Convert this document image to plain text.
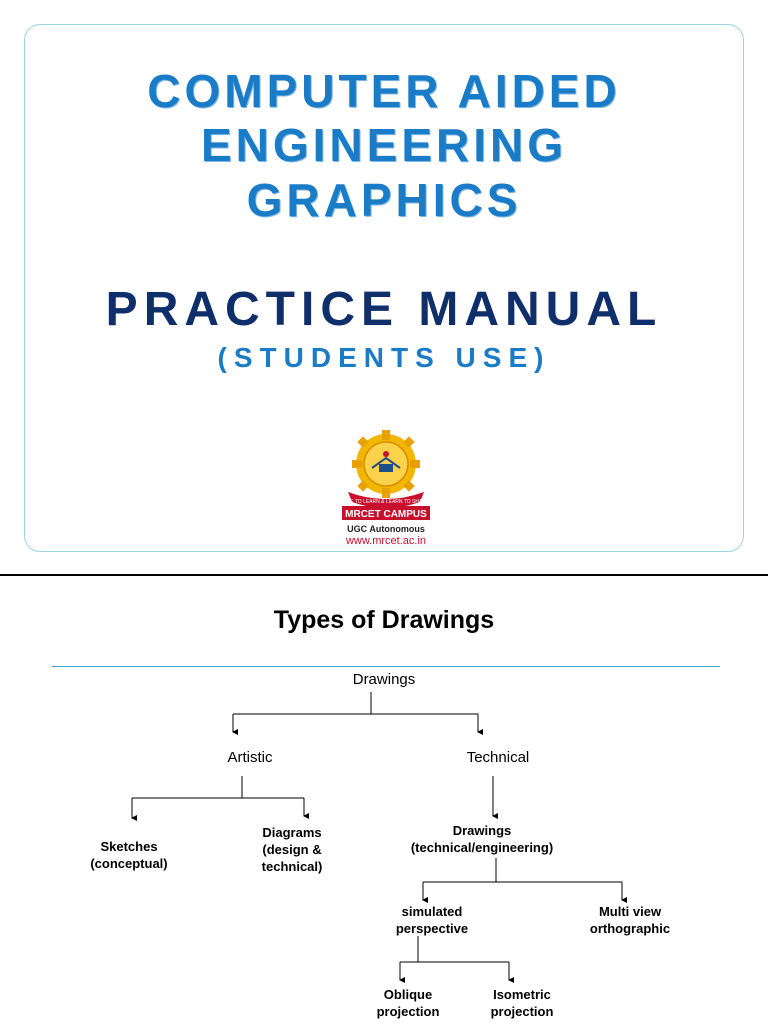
COMPUTER AIDED
ENGINEERING
GRAPHICS
PRACTICE MANUAL
(STUDENTS USE)
LIVE TO LEARN & LEARN TO SHARE
MRCET CAMPUS
UGC Autonomous
www.mrcet.ac.in
Types of Drawings
Drawings
Artistic	Technical
Sketches
(conceptual)
Diagrams
(design &
technical)
Drawings
(technical/engineering)
simulated
perspective
Multi view
orthographic
Oblique
projection
Isometric
projection
